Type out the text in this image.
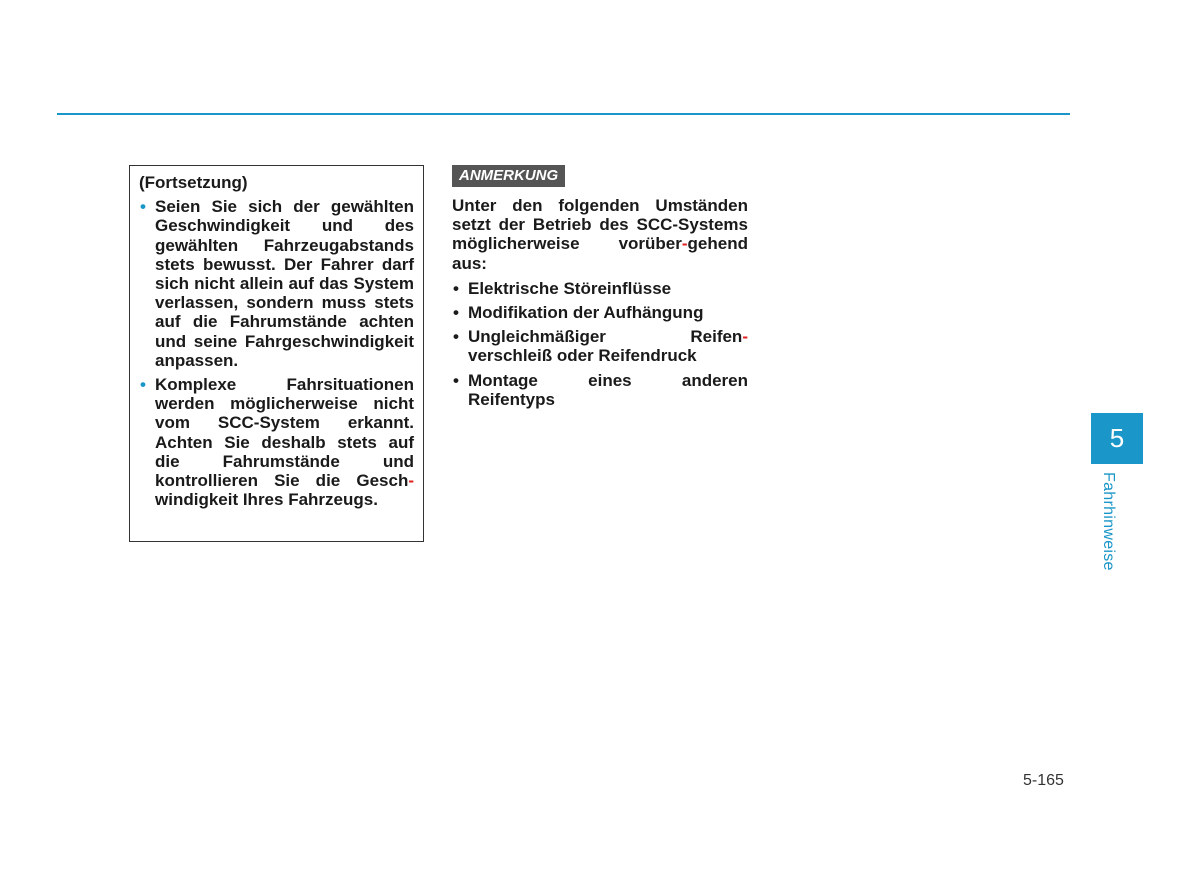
(Fortsetzung)

• Seien Sie sich der gewählten Geschwindigkeit und des gewählten Fahrzeugabstands stets bewusst. Der Fahrer darf sich nicht allein auf das System verlassen, sondern muss stets auf die Fahrumstände achten und seine Fahrgeschwindigkeit anpassen.
• Komplexe Fahrsituationen werden möglicherweise nicht vom SCC-System erkannt. Achten Sie deshalb stets auf die Fahrumstände und kontrollieren Sie die Gesch-windigkeit Ihres Fahrzeugs.
ANMERKUNG

Unter den folgenden Umständen setzt der Betrieb des SCC-Systems möglicherweise vorüber-gehend aus:

• Elektrische Störeinflüsse
• Modifikation der Aufhängung
• Ungleichmäßiger Reifen-verschleiß oder Reifendruck
• Montage eines anderen Reifentyps
5
Fahrhinweise
5-165
